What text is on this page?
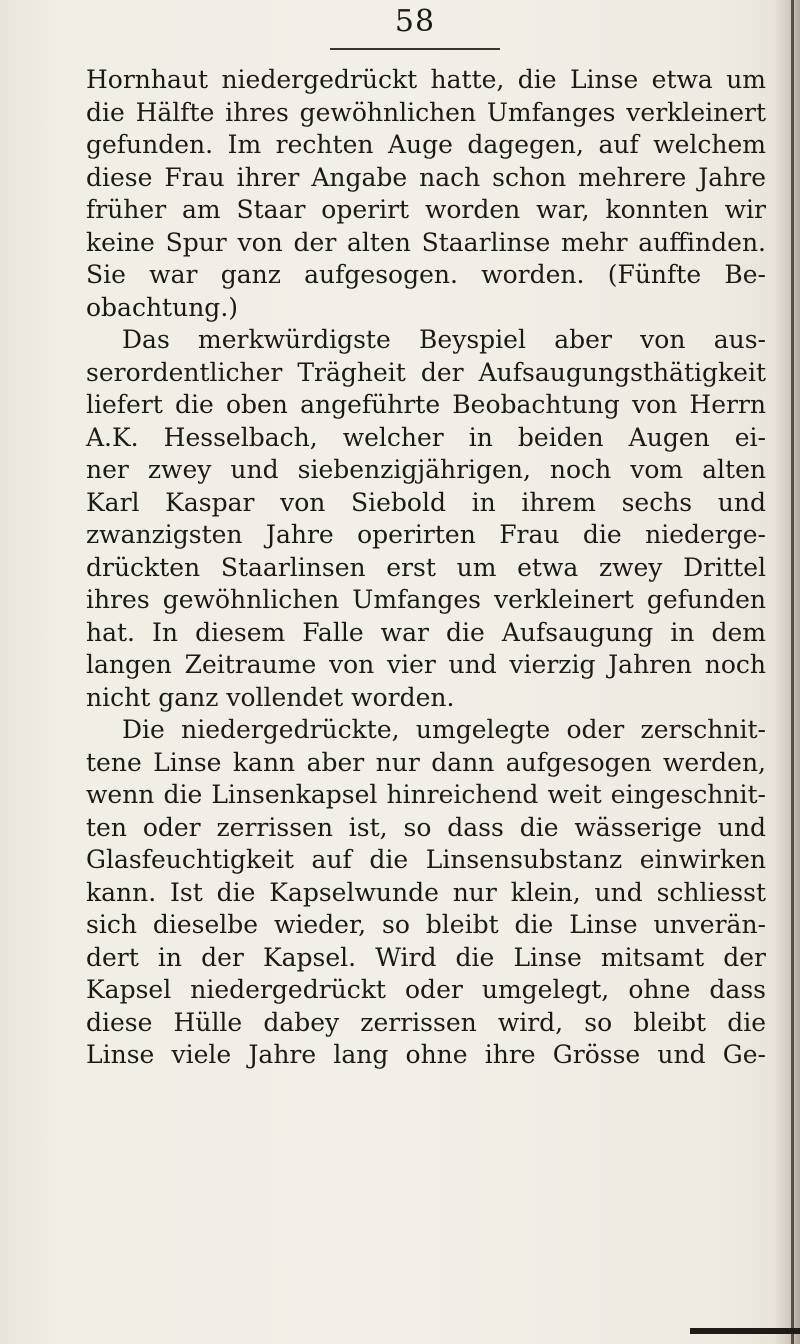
58

Hornhaut niedergedrückt hatte, die Linse etwa um
die Hälfte ihres gewöhnlichen Umfanges verkleinert
gefunden. Im rechten Auge dagegen, auf welchem
diese Frau ihrer Angabe nach schon mehrere Jahre
früher am Staar operirt worden war, konnten wir
keine Spur von der alten Staarlinse mehr auffinden.
Sie war ganz aufgesogen. worden. (Fünfte Be-
obachtung.)
Das merkwürdigste Beyspiel aber von aus-
serordentlicher Trägheit der Aufsaugungsthätigkeit
liefert die oben angeführte Beobachtung von Herrn
A.K. Hesselbach, welcher in beiden Augen ei-
ner zwey und siebenzigjährigen, noch vom alten
Karl Kaspar von Siebold in ihrem sechs und
zwanzigsten Jahre operirten Frau die niederge-
drückten Staarlinsen erst um etwa zwey Drittel
ihres gewöhnlichen Umfanges verkleinert gefunden
hat. In diesem Falle war die Aufsaugung in dem
langen Zeitraume von vier und vierzig Jahren noch
nicht ganz vollendet worden.
Die niedergedrückte, umgelegte oder zerschnit-
tene Linse kann aber nur dann aufgesogen werden,
wenn die Linsenkapsel hinreichend weit eingeschnit-
ten oder zerrissen ist, so dass die wässerige und
Glasfeuchtigkeit auf die Linsensubstanz einwirken
kann. Ist die Kapselwunde nur klein, und schliesst
sich dieselbe wieder, so bleibt die Linse unverän-
dert in der Kapsel. Wird die Linse mitsamt der
Kapsel niedergedrückt oder umgelegt, ohne dass
diese Hülle dabey zerrissen wird, so bleibt die
Linse viele Jahre lang ohne ihre Grösse und Ge-
